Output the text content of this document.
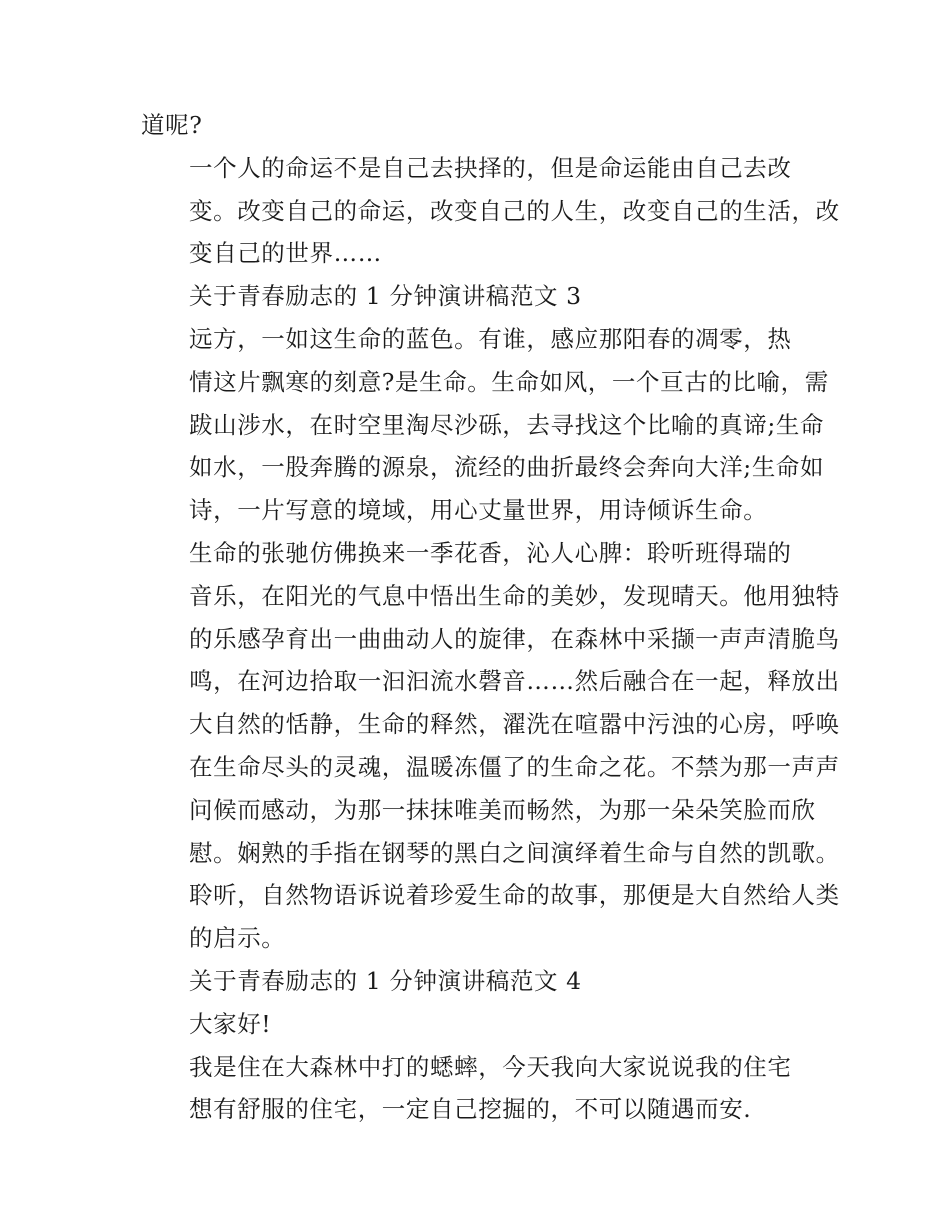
道呢?

一个人的命运不是自己去抉择的，但是命运能由自己去改
变。改变自己的命运，改变自己的人生，改变自己的生活，改
变自己的世界……

关于青春励志的 1 分钟演讲稿范文 3

远方，一如这生命的蓝色。有谁，感应那阳春的凋零，热
情这片飘寒的刻意?是生命。生命如风，一个亘古的比喻，需
跋山涉水，在时空里淘尽沙砾，去寻找这个比喻的真谛;生命
如水，一股奔腾的源泉，流经的曲折最终会奔向大洋;生命如
诗，一片写意的境域，用心丈量世界，用诗倾诉生命。

生命的张驰仿佛换来一季花香，沁人心脾：聆听班得瑞的
音乐，在阳光的气息中悟出生命的美妙，发现晴天。他用独特
的乐感孕育出一曲曲动人的旋律，在森林中采撷一声声清脆鸟
鸣，在河边拾取一汩汩流水磬音……然后融合在一起，释放出
大自然的恬静，生命的释然，濯洗在喧嚣中污浊的心房，呼唤
在生命尽头的灵魂，温暖冻僵了的生命之花。不禁为那一声声
问候而感动，为那一抹抹唯美而畅然，为那一朵朵笑脸而欣
慰。娴熟的手指在钢琴的黑白之间演绎着生命与自然的凯歌。
聆听，自然物语诉说着珍爱生命的故事，那便是大自然给人类
的启示。

关于青春励志的 1 分钟演讲稿范文 4

大家好!

我是住在大森林中打的蟋蟀，今天我向大家说说我的住宅
想有舒服的住宅，一定自己挖掘的，不可以随遇而安.
